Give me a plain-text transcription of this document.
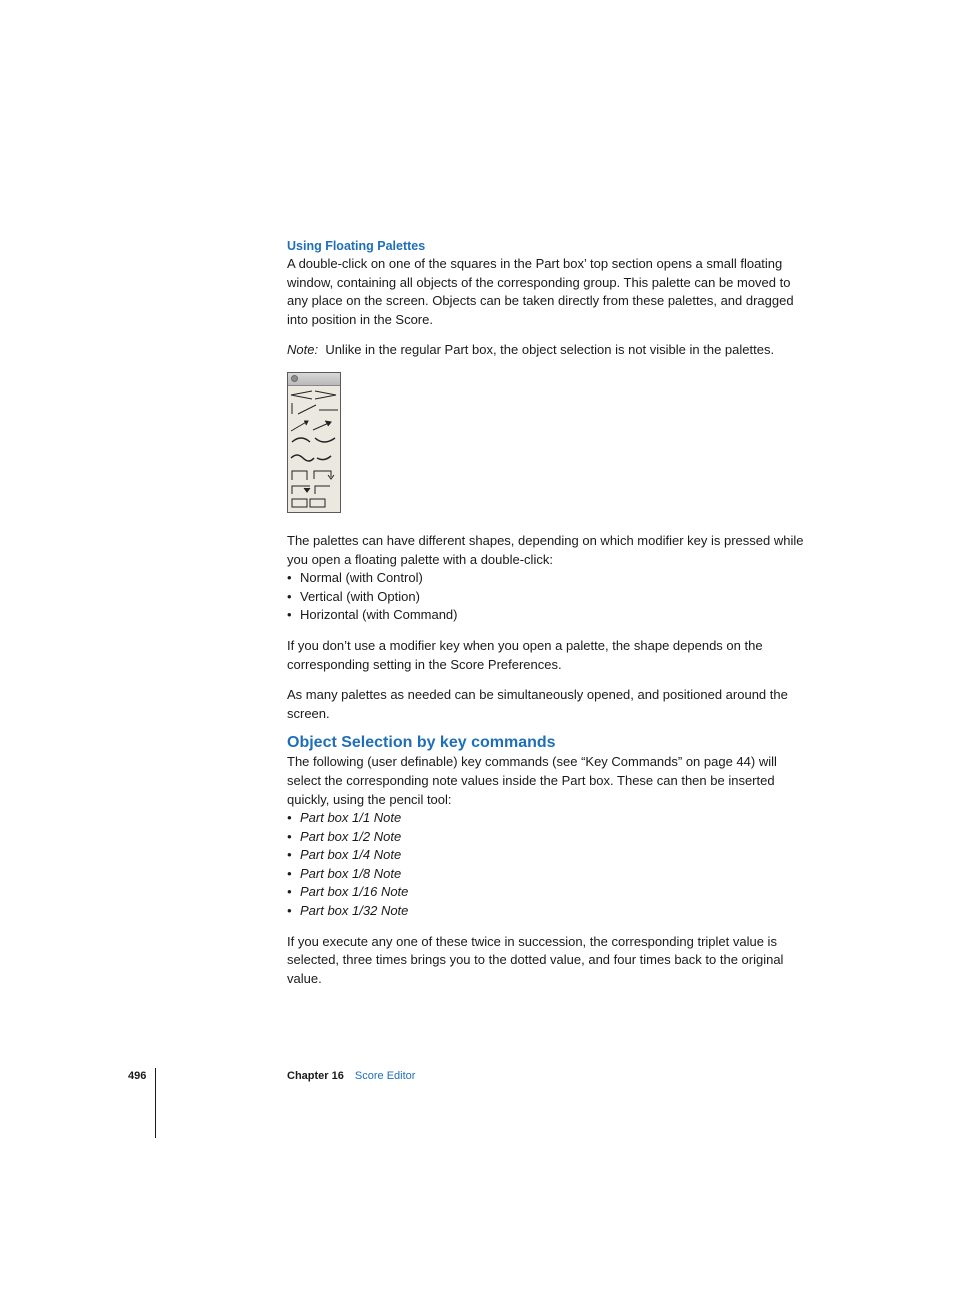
Using Floating Palettes

A double-click on one of the squares in the Part box’ top section opens a small floating window, containing all objects of the corresponding group. This palette can be moved to any place on the screen. Objects can be taken directly from these palettes, and dragged into position in the Score.

Note: Unlike in the regular Part box, the object selection is not visible in the palettes.

The palettes can have different shapes, depending on which modifier key is pressed while you open a floating palette with a double-click:

• Normal (with Control)
• Vertical (with Option)
• Horizontal (with Command)

If you don’t use a modifier key when you open a palette, the shape depends on the corresponding setting in the Score Preferences.

As many palettes as needed can be simultaneously opened, and positioned around the screen.

Object Selection by key commands

The following (user definable) key commands (see “Key Commands” on page 44) will select the corresponding note values inside the Part box. These can then be inserted quickly, using the pencil tool:

• Part box 1/1 Note
• Part box 1/2 Note
• Part box 1/4 Note
• Part box 1/8 Note
• Part box 1/16 Note
• Part box 1/32 Note

If you execute any one of these twice in succession, the corresponding triplet value is selected, three times brings you to the dotted value, and four times back to the original value.

496	Chapter 16 Score Editor
